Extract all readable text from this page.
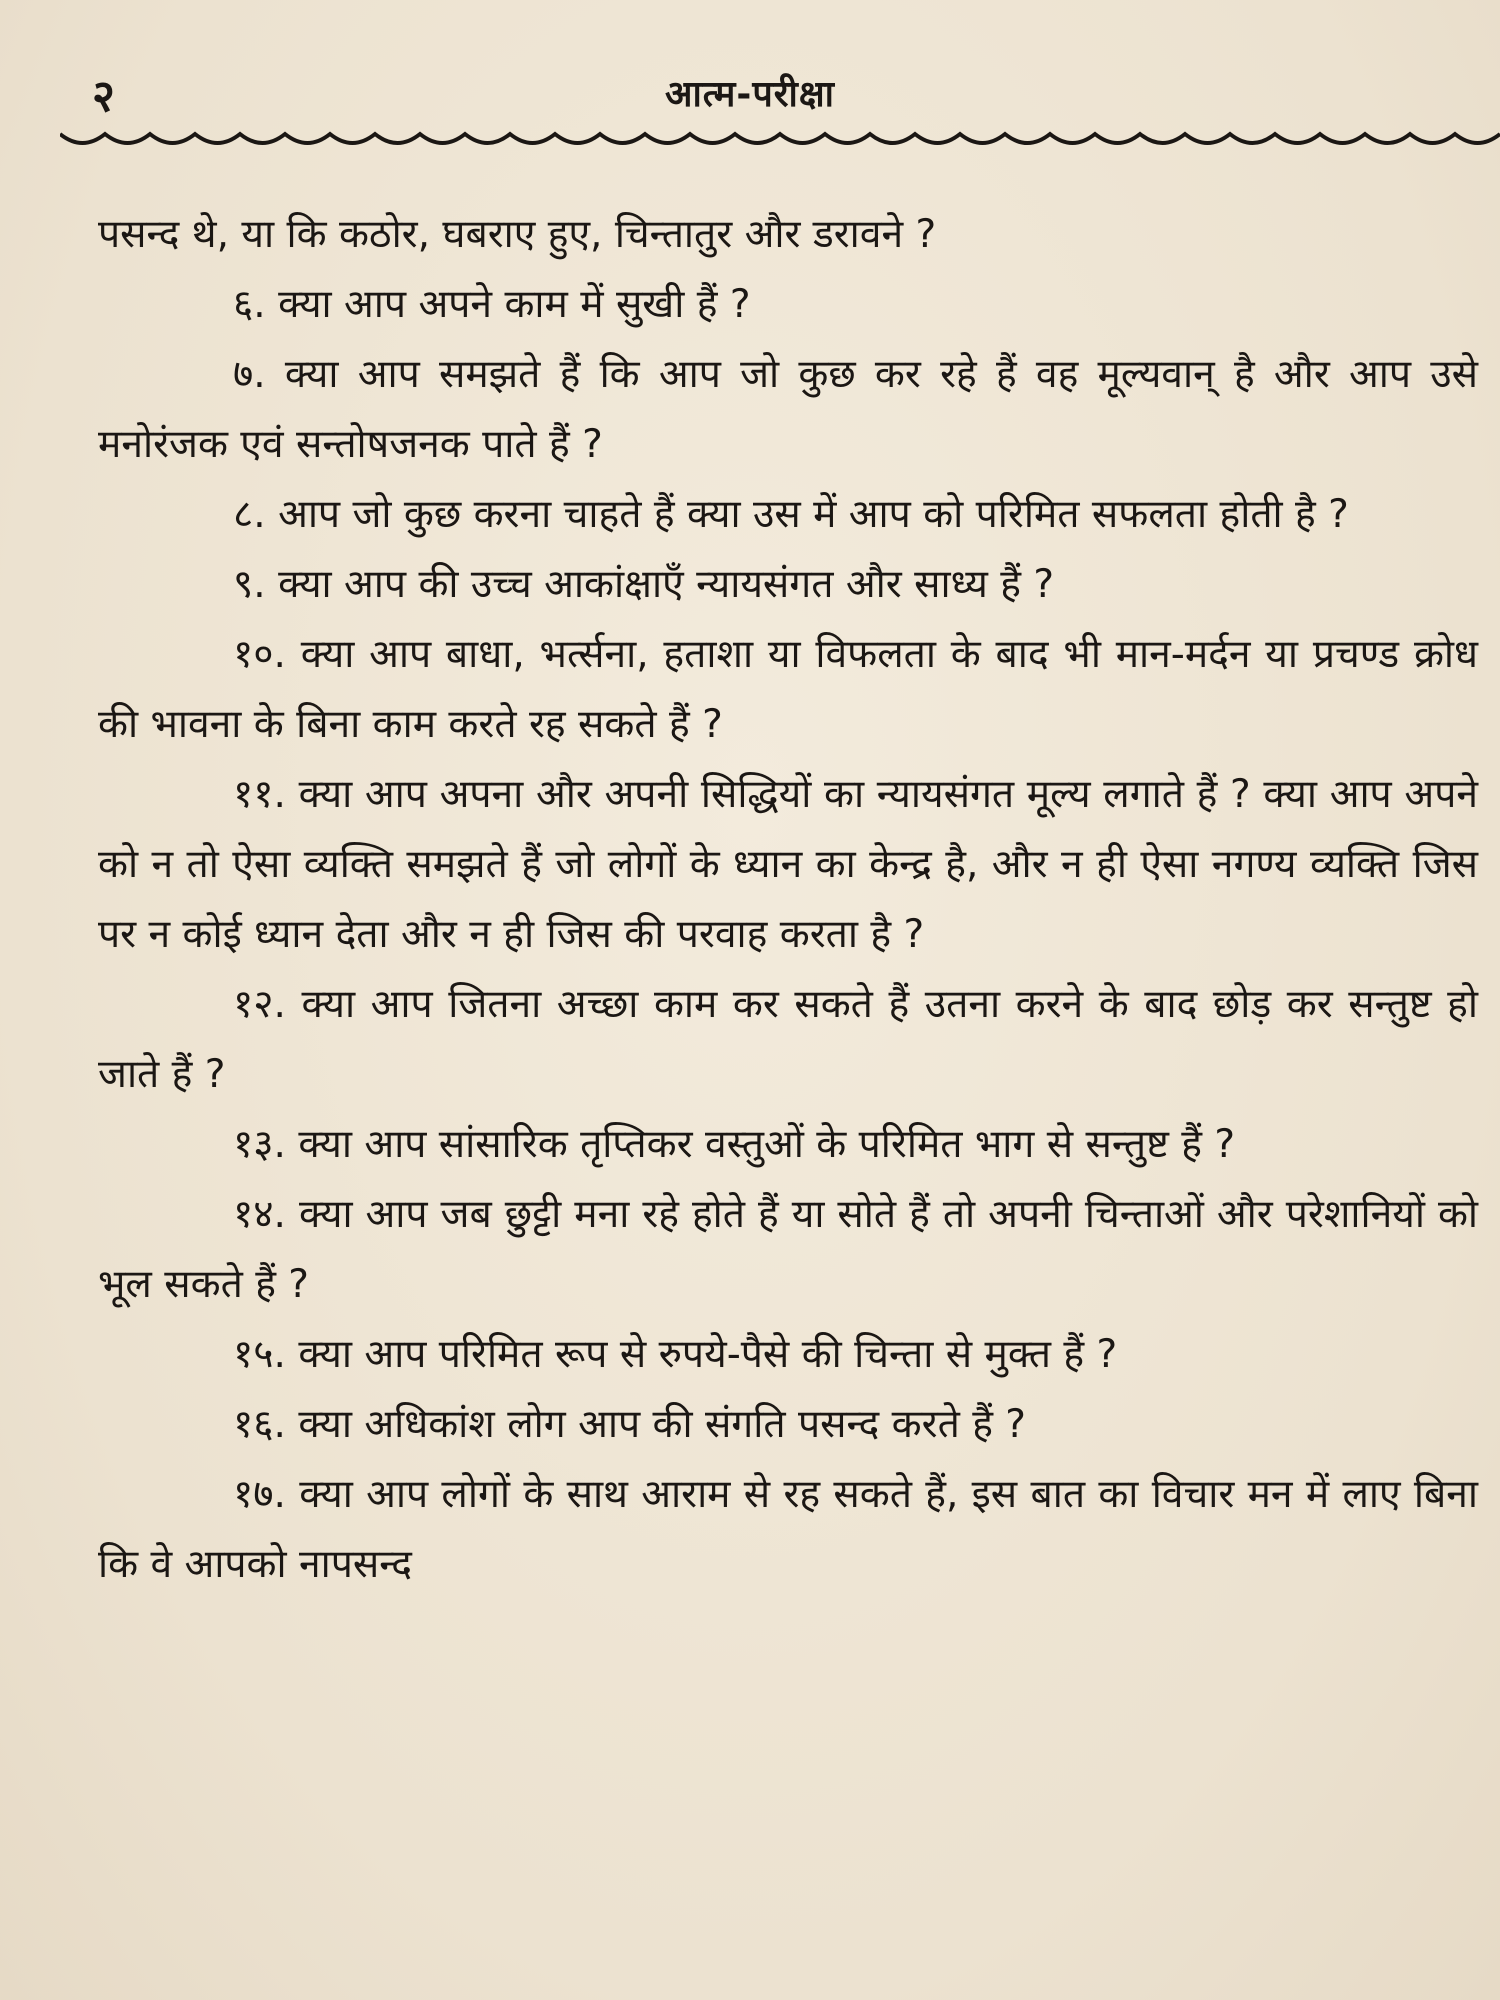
२	आत्म-परीक्षा

पसन्द थे, या कि कठोर, घबराए हुए, चिन्तातुर और डरावने ?

६. क्या आप अपने काम में सुखी हैं ?

७. क्या आप समझते हैं कि आप जो कुछ कर रहे हैं वह मूल्यवान् है और आप उसे मनोरंजक एवं सन्तोषजनक पाते हैं ?

८. आप जो कुछ करना चाहते हैं क्या उस में आप को परिमित सफलता होती है ?

९. क्या आप की उच्च आकांक्षाएँ न्यायसंगत और साध्य हैं ?

१०. क्या आप बाधा, भर्त्सना, हताशा या विफलता के बाद भी मान-मर्दन या प्रचण्ड क्रोध की भावना के बिना काम करते रह सकते हैं ?

११. क्या आप अपना और अपनी सिद्धियों का न्यायसंगत मूल्य लगाते हैं ? क्या आप अपने को न तो ऐसा व्यक्ति समझते हैं जो लोगों के ध्यान का केन्द्र है, और न ही ऐसा नगण्य व्यक्ति जिस पर न कोई ध्यान देता और न ही जिस की परवाह करता है ?

१२. क्या आप जितना अच्छा काम कर सकते हैं उतना करने के बाद छोड़ कर सन्तुष्ट हो जाते हैं ?

१३. क्या आप सांसारिक तृप्तिकर वस्तुओं के परिमित भाग से सन्तुष्ट हैं ?

१४. क्या आप जब छुट्टी मना रहे होते हैं या सोते हैं तो अपनी चिन्ताओं और परेशानियों को भूल सकते हैं ?

१५. क्या आप परिमित रूप से रुपये-पैसे की चिन्ता से मुक्त हैं ?

१६. क्या अधिकांश लोग आप की संगति पसन्द करते हैं ?

१७. क्या आप लोगों के साथ आराम से रह सकते हैं, इस बात का विचार मन में लाए बिना कि वे आपको नापसन्द
